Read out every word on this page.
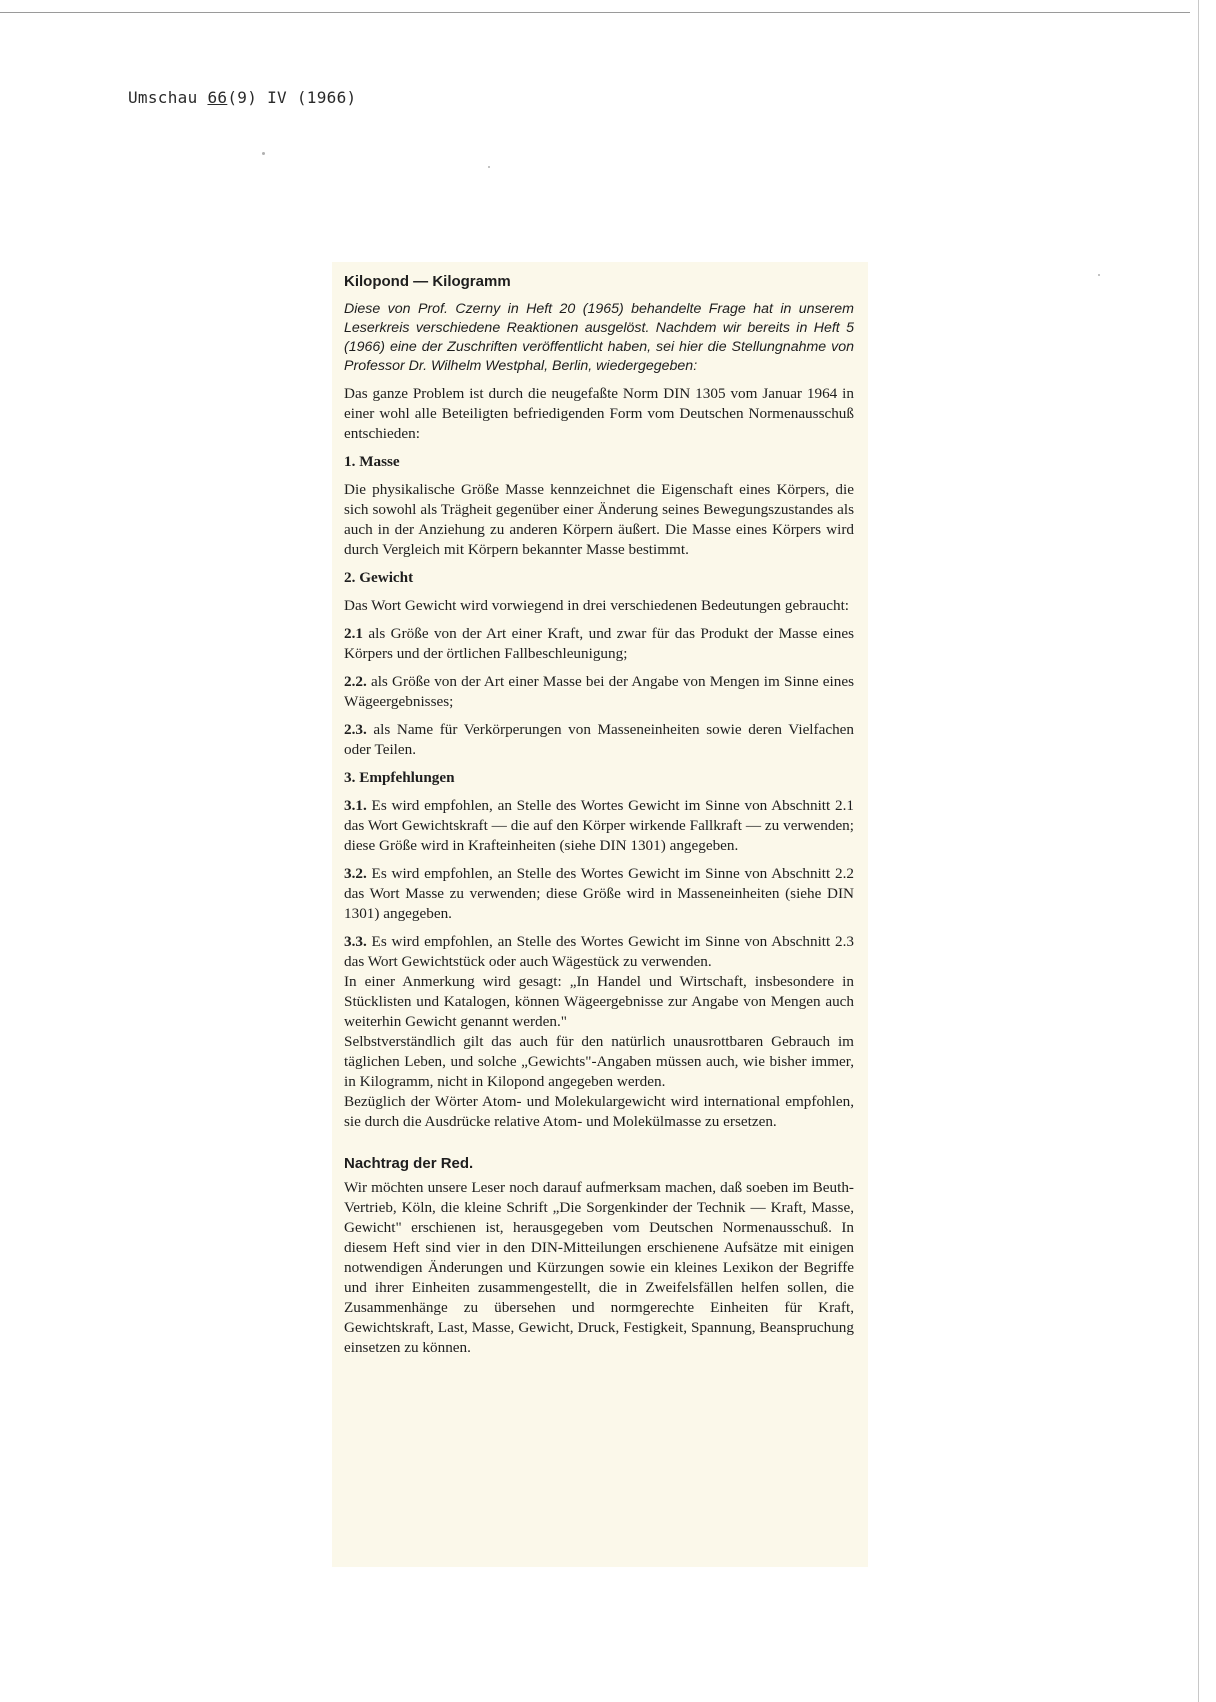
Umschau 66(9) IV (1966)
Kilopond — Kilogramm

Diese von Prof. Czerny in Heft 20 (1965) behandelte Frage hat in unserem Leserkreis verschiedene Reaktionen ausgelöst. Nachdem wir bereits in Heft 5 (1966) eine der Zuschriften veröffentlicht haben, sei hier die Stellungnahme von Professor Dr. Wilhelm Westphal, Berlin, wiedergegeben:

Das ganze Problem ist durch die neugefaßte Norm DIN 1305 vom Januar 1964 in einer wohl alle Beteiligten befriedigenden Form vom Deutschen Normenausschuß entschieden:

1. Masse

Die physikalische Größe Masse kennzeichnet die Eigenschaft eines Körpers, die sich sowohl als Trägheit gegenüber einer Änderung seines Bewegungszustandes als auch in der Anziehung zu anderen Körpern äußert. Die Masse eines Körpers wird durch Vergleich mit Körpern bekannter Masse bestimmt.

2. Gewicht

Das Wort Gewicht wird vorwiegend in drei verschiedenen Bedeutungen gebraucht:

2.1 als Größe von der Art einer Kraft, und zwar für das Produkt der Masse eines Körpers und der örtlichen Fallbeschleunigung;

2.2. als Größe von der Art einer Masse bei der Angabe von Mengen im Sinne eines Wägeergebnisses;

2.3. als Name für Verkörperungen von Masseneinheiten sowie deren Vielfachen oder Teilen.

3. Empfehlungen

3.1. Es wird empfohlen, an Stelle des Wortes Gewicht im Sinne von Abschnitt 2.1 das Wort Gewichtskraft — die auf den Körper wirkende Fallkraft — zu verwenden; diese Größe wird in Krafteinheiten (siehe DIN 1301) angegeben.

3.2. Es wird empfohlen, an Stelle des Wortes Gewicht im Sinne von Abschnitt 2.2 das Wort Masse zu verwenden; diese Größe wird in Masseneinheiten (siehe DIN 1301) angegeben.

3.3. Es wird empfohlen, an Stelle des Wortes Gewicht im Sinne von Abschnitt 2.3 das Wort Gewichtstück oder auch Wägestück zu verwenden.

In einer Anmerkung wird gesagt: „In Handel und Wirtschaft, insbesondere in Stücklisten und Katalogen, können Wägeergebnisse zur Angabe von Mengen auch weiterhin Gewicht genannt werden."

Selbstverständlich gilt das auch für den natürlich unausrottbaren Gebrauch im täglichen Leben, und solche „Gewichts"-Angaben müssen auch, wie bisher immer, in Kilogramm, nicht in Kilopond angegeben werden.

Bezüglich der Wörter Atom- und Molekulargewicht wird international empfohlen, sie durch die Ausdrücke relative Atom- und Molekülmasse zu ersetzen.

Nachtrag der Red.

Wir möchten unsere Leser noch darauf aufmerksam machen, daß soeben im Beuth-Vertrieb, Köln, die kleine Schrift „Die Sorgenkinder der Technik — Kraft, Masse, Gewicht" erschienen ist, herausgegeben vom Deutschen Normenausschuß. In diesem Heft sind vier in den DIN-Mitteilungen erschienene Aufsätze mit einigen notwendigen Änderungen und Kürzungen sowie ein kleines Lexikon der Begriffe und ihrer Einheiten zusammengestellt, die in Zweifelsfällen helfen sollen, die Zusammenhänge zu übersehen und normgerechte Einheiten für Kraft, Gewichtskraft, Last, Masse, Gewicht, Druck, Festigkeit, Spannung, Beanspruchung einsetzen zu können.
